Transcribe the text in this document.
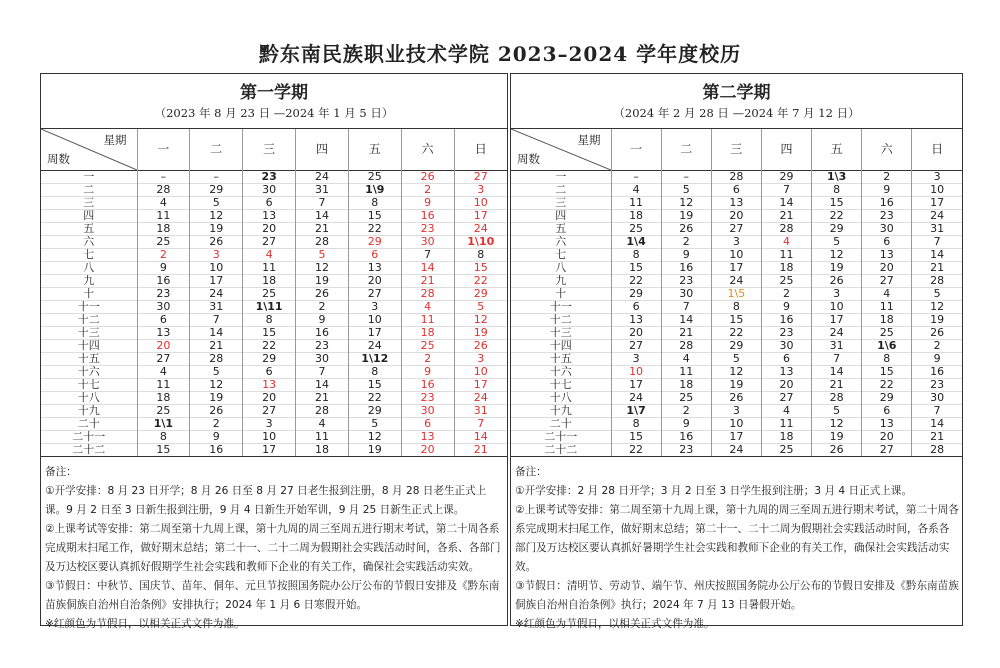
黔东南民族职业技术学院 2023–2024 学年度校历
第一学期
（2023 年 8 月 23 日 —2024 年 1 月 5 日）
星期
周数	一	二	三	四	五	六	日
一	–	–	23	24	25	26	27
二	28	29	30	31	1\9	2	3
三	4	5	6	7	8	9	10
四	11	12	13	14	15	16	17
五	18	19	20	21	22	23	24
六	25	26	27	28	29	30	1\10
七	2	3	4	5	6	7	8
八	9	10	11	12	13	14	15
九	16	17	18	19	20	21	22
十	23	24	25	26	27	28	29
十一	30	31	1\11	2	3	4	5
十二	6	7	8	9	10	11	12
十三	13	14	15	16	17	18	19
十四	20	21	22	23	24	25	26
十五	27	28	29	30	1\12	2	3
十六	4	5	6	7	8	9	10
十七	11	12	13	14	15	16	17
十八	18	19	20	21	22	23	24
十九	25	26	27	28	29	30	31
二十	1\1	2	3	4	5	6	7
二十一	8	9	10	11	12	13	14
二十二	15	16	17	18	19	20	21

备注：

①开学安排：8 月 23 日开学；8 月 26 日至 8 月 27 日老生报到注册，8 月 28 日老生正式上课。9 月 2 日至 3 日新生报到注册，9 月 4 日新生开始军训，9 月 25 日新生正式上课。

②上课考试等安排：第二周至第十九周上课，第十九周的周三至周五进行期末考试，第二十周各系完成期末扫尾工作，做好期末总结；第二十一、二十二周为假期社会实践活动时间，各系、各部门及万达校区要认真抓好假期学生社会实践和教师下企业的有关工作，确保社会实践活动实效。

③节假日：中秋节、国庆节、苗年、侗年、元旦节按照国务院办公厅公布的节假日安排及《黔东南苗族侗族自治州自治条例》安排执行；2024 年 1 月 6 日寒假开始。

※红颜色为节假日，以相关正式文件为准。

第二学期
（2024 年 2 月 28 日 —2024 年 7 月 12 日）
星期
周数	一	二	三	四	五	六	日
一	–	–	28	29	1\3	2	3
二	4	5	6	7	8	9	10
三	11	12	13	14	15	16	17
四	18	19	20	21	22	23	24
五	25	26	27	28	29	30	31
六	1\4	2	3	4	5	6	7
七	8	9	10	11	12	13	14
八	15	16	17	18	19	20	21
九	22	23	24	25	26	27	28
十	29	30	1\5	2	3	4	5
十一	6	7	8	9	10	11	12
十二	13	14	15	16	17	18	19
十三	20	21	22	23	24	25	26
十四	27	28	29	30	31	1\6	2
十五	3	4	5	6	7	8	9
十六	10	11	12	13	14	15	16
十七	17	18	19	20	21	22	23
十八	24	25	26	27	28	29	30
十九	1\7	2	3	4	5	6	7
二十	8	9	10	11	12	13	14
二十一	15	16	17	18	19	20	21
二十二	22	23	24	25	26	27	28

备注：

①开学安排：2 月 28 日开学；3 月 2 日至 3 日学生报到注册；3 月 4 日正式上课。

②上课考试等安排：第二周至第十九周上课，第十九周的周三至周五进行期末考试，第二十周各系完成期末扫尾工作，做好期末总结；第二十一、二十二周为假期社会实践活动时间，各系各部门及万达校区要认真抓好暑期学生社会实践和教师下企业的有关工作，确保社会实践活动实效。

③节假日：清明节、劳动节、端午节、州庆按照国务院办公厅公布的节假日安排及《黔东南苗族侗族自治州自治条例》执行；2024 年 7 月 13 日暑假开始。

※红颜色为节假日，以相关正式文件为准。
